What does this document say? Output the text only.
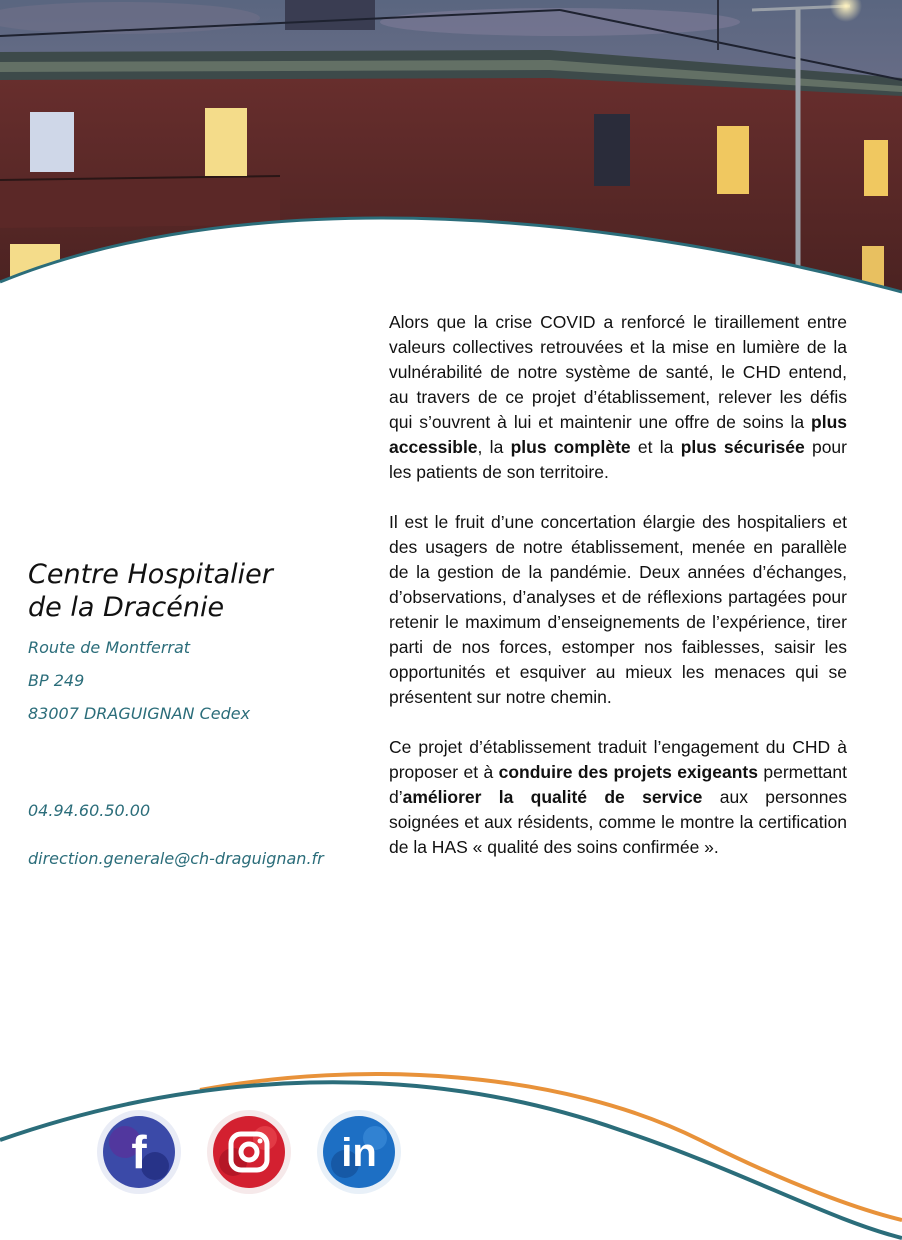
Centre Hospitalier
de la Dracénie

Route de Montferrat

BP 249

83007 DRAGUIGNAN Cedex

04.94.60.50.00
direction.generale@ch-draguignan.fr

Alors que la crise COVID a renforcé le tiraillement entre valeurs collectives retrouvées et la mise en lumière de la vulnérabilité de notre système de santé, le CHD entend, au travers de ce projet d’établissement, relever les défis qui s’ouvrent à lui et maintenir une offre de soins la plus accessible, la plus complète et la plus sécurisée pour les patients de son territoire.

Il est le fruit d’une concertation élargie des hospitaliers et des usagers de notre établissement, menée en parallèle de la gestion de la pandémie. Deux années d’échanges, d’observations, d’analyses et de réflexions partagées pour retenir le maximum d’enseignements de l’expérience, tirer parti de nos forces, estomper nos faiblesses, saisir les opportunités et esquiver au mieux les menaces qui se présentent sur notre chemin.

Ce projet d’établissement traduit l’engagement du CHD à proposer et à conduire des projets exigeants permettant d’améliorer la qualité de service aux personnes soignées et aux résidents, comme le montre la certification de la HAS « qualité des soins confirmée ».

f	in
